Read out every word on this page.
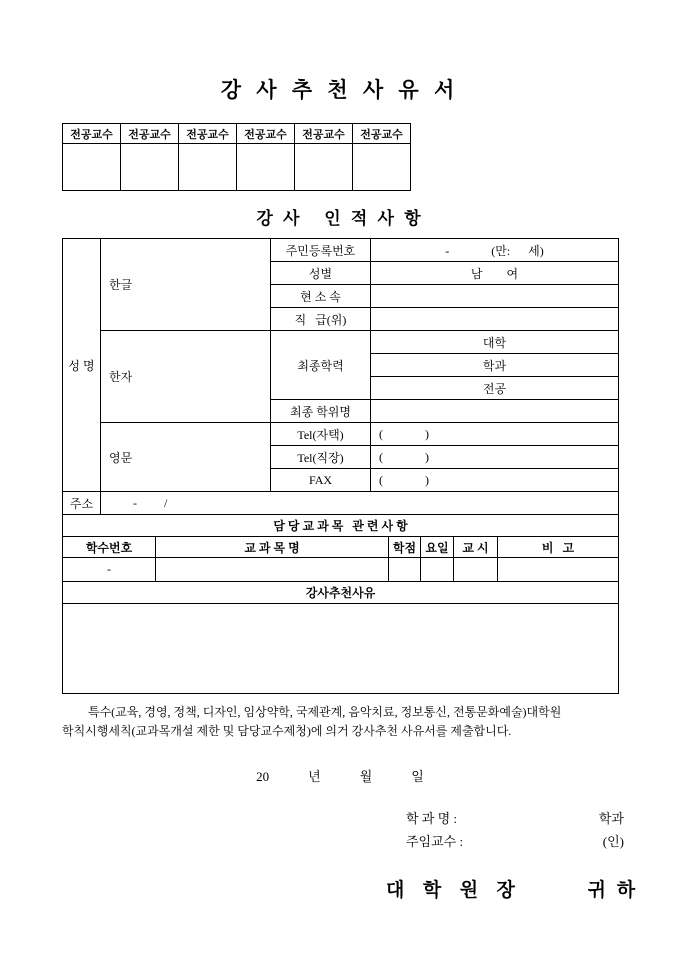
강 사 추 천 사 유 서
전공교수	전공교수	전공교수	전공교수	전공교수	전공교수

강 사   인 적 사 항
성 명	한글	주민등록번호	-              (만:      세)
		성별	남        여
		현 소 속	
		직   급(위)	
	한자	최종학력	대학
			학과
			전공
		최종 학위명	
	영문	Tel(자택)	(              )
		Tel(직장)	(              )
		FAX	(              )
주소	-         /		
담 당 교 과 목   관 련 사 항					
학수번호	교 과 목 명	학점	요일	교 시	비   고
-					
강사추천사유

특수(교육, 경영, 정책, 디자인, 임상약학, 국제관계, 음악치료, 정보통신, 전통문화예술)대학원
학칙시행세칙(교과목개설 제한 및 담당교수제청)에 의거 강사추천 사유서를 제출합니다.
20            년            월            일
학 과 명 :	학과
주임교수 :	(인)
대  학  원  장         귀 하
